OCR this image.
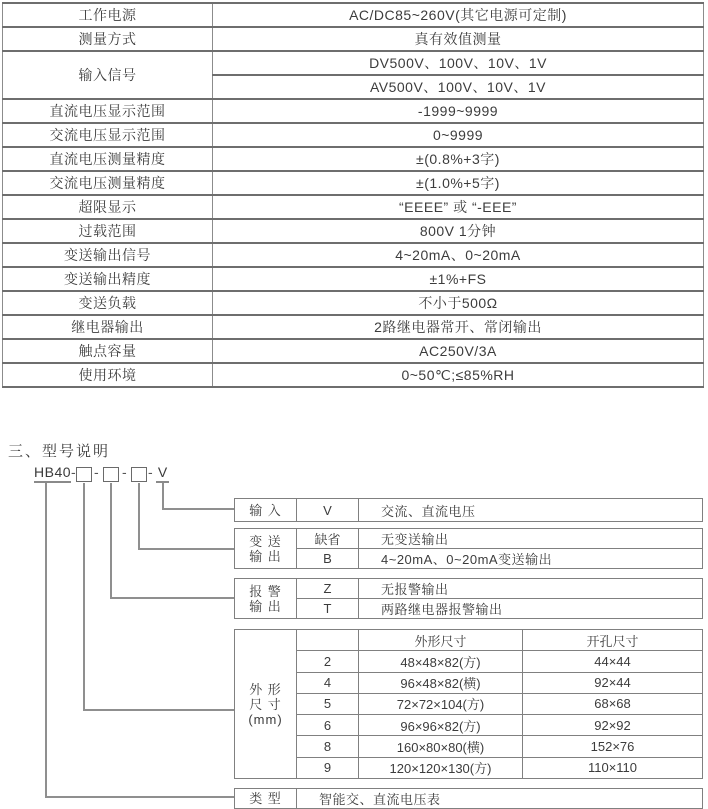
工作电源	AC/DC85~260V(其它电源可定制)
测量方式	真有效值测量
输入信号	DV500V、100V、10V、1V
	AV500V、100V、10V、1V
直流电压显示范围	-1999~9999
交流电压显示范围	0~9999
直流电压测量精度	±(0.8%+3字)
交流电压测量精度	±(1.0%+5字)
超限显示	“EEEE” 或 “-EEE”
过载范围	800V 1分钟
变送输出信号	4~20mA、0~20mA
变送输出精度	±1%+FS
变送负载	不小于500Ω
继电器输出	2路继电器常开、常闭输出
触点容量	AC250V/3A
使用环境	0~50℃;≤85%RH
三、型号说明
HB40 - - - - V
输 入	V	交流、直流电压
变 送
输 出	缺省	无变送输出
	B	4~20mA、0~20mA变送输出
报 警
输 出	Z	无报警输出
	T	两路继电器报警输出
外 形
尺 寸
(mm)		外形尺寸	开孔尺寸
	2	48×48×82(方)	44×44
	4	96×48×82(横)	92×44
	5	72×72×104(方)	68×68
	6	96×96×82(方)	92×92
	8	160×80×80(横)	152×76
	9	120×120×130(方)	110×110
类 型	智能交、直流电压表
